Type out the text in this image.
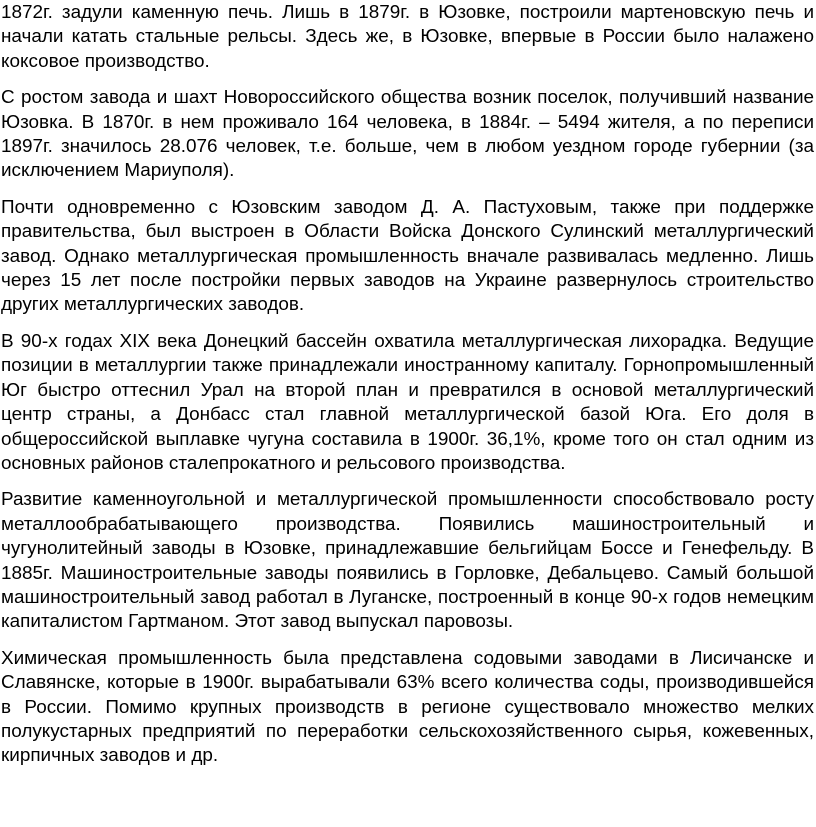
1872г. задули каменную печь. Лишь в 1879г. в Юзовке, построили мартеновскую печь и начали катать стальные рельсы. Здесь же, в Юзовке, впервые в России было налажено коксовое производство.

С ростом завода и шахт Новороссийского общества возник поселок, получивший название Юзовка. В 1870г. в нем проживало 164 человека, в 1884г. – 5494 жителя, а по переписи 1897г. значилось 28.076 человек, т.е. больше, чем в любом уездном городе губернии (за исключением Мариуполя).

Почти одновременно с Юзовским заводом Д. А. Пастуховым, также при поддержке правительства, был выстроен в Области Войска Донского Сулинский металлургический завод. Однако металлургическая промышленность вначале развивалась медленно. Лишь через 15 лет после постройки первых заводов на Украине развернулось строительство других металлургических заводов.

В 90-х годах XIX века Донецкий бассейн охватила металлургическая лихорадка. Ведущие позиции в металлургии также принадлежали иностранному капиталу. Горнопромышленный Юг быстро оттеснил Урал на второй план и превратился в основой металлургический центр страны, а Донбасс стал главной металлургической базой Юга. Его доля в общероссийской выплавке чугуна составила в 1900г. 36,1%, кроме того он стал одним из основных районов сталепрокатного и рельсового производства.

Развитие каменноугольной и металлургической промышленности способствовало росту металлообрабатывающего производства. Появились машиностроительный и чугунолитейный заводы в Юзовке, принадлежавшие бельгийцам Боссе и Генефельду. В 1885г. Машиностроительные заводы появились в Горловке, Дебальцево. Самый большой машиностроительный завод работал в Луганске, построенный в конце 90-х годов немецким капиталистом Гартманом. Этот завод выпускал паровозы.

Химическая промышленность была представлена содовыми заводами в Лисичанске и Славянске, которые в 1900г. вырабатывали 63% всего количества соды, производившейся в России. Помимо крупных производств в регионе существовало множество мелких полукустарных предприятий по переработки сельскохозяйственного сырья, кожевенных, кирпичных заводов и др.
